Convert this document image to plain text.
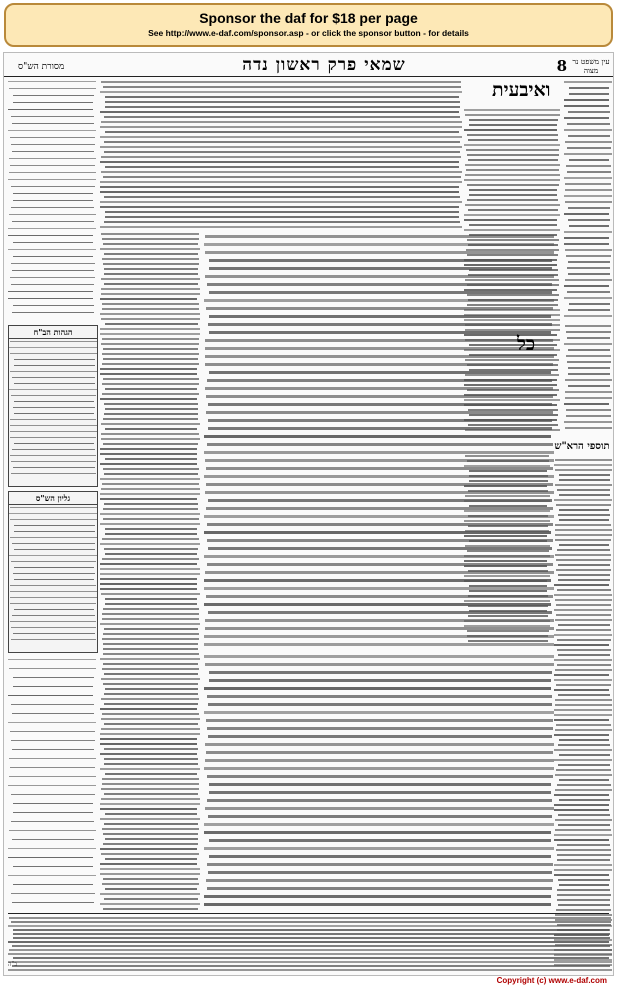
Sponsor the daf for $18 per page
See http://www.e-daf.com/sponsor.asp - or click the sponsor button - for details
עין משפט נר מצוה
8
שמאי פרק ראשון נדה
מסורת הש"ס
ואיבעית
כל
תוספי הרא"ש
הגהות הב"ח
גליון הש"ס
ב"ה
Copyright (c) www.e-daf.com
